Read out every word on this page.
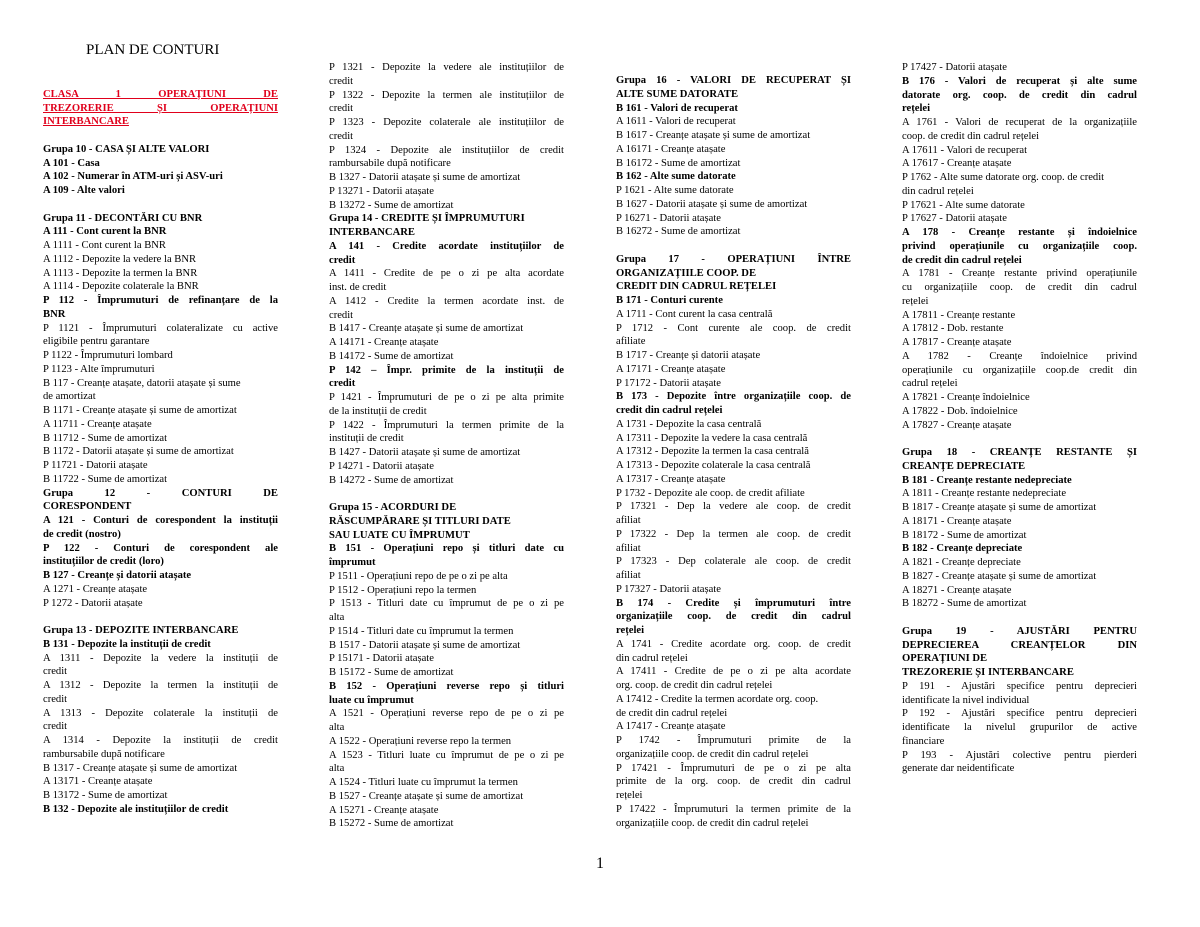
PLAN DE CONTURI
CLASA 1 OPERAȚIUNI DE
TREZORERIE ȘI OPERAȚIUNI
INTERBANCARE
Grupa 10 - CASA ȘI ALTE VALORI
A 101 - Casa
A 102 - Numerar în ATM-uri și ASV-uri
A 109 - Alte valori
Grupa 11 - DECONTĂRI CU BNR
A 111 - Cont curent la BNR
A 1111 - Cont curent la BNR
A 1112 - Depozite la vedere la BNR
A 1113 - Depozite la termen la BNR
A 1114 - Depozite colaterale la BNR
P 112 - Împrumuturi de refinanțare de la
BNR
P 1121 - Împrumuturi colateralizate cu active
eligibile pentru garantare
P 1122 - Împrumuturi lombard
P 1123 - Alte împrumuturi
B 117 - Creanțe atașate, datorii atașate și sume
de amortizat
B 1171 - Creanțe atașate și sume de amortizat
A 11711 - Creanțe atașate
B 11712 - Sume de amortizat
B 1172 - Datorii atașate și sume de amortizat
P 11721 - Datorii atașate
B 11722 - Sume de amortizat
Grupa 12 - CONTURI DE
CORESPONDENT
A 121 - Conturi de corespondent la instituții
de credit (nostro)
P 122 - Conturi de corespondent ale
instituțiilor de credit (loro)
B 127 - Creanțe și datorii atașate
A 1271 - Creanțe atașate
P 1272 - Datorii atașate
Grupa 13 - DEPOZITE INTERBANCARE
B 131 - Depozite la instituții de credit
A 1311 - Depozite la vedere la instituții de
credit
A 1312 - Depozite la termen la instituții de
credit
A 1313 - Depozite colaterale la instituții de
credit
A 1314 - Depozite la instituții de credit
rambursabile după notificare
B 1317 - Creanțe atașate și sume de amortizat
A 13171 - Creanțe atașate
B 13172 - Sume de amortizat
B 132 - Depozite ale instituțiilor de credit
P 1321 - Depozite la vedere ale instituțiilor de
credit
P 1322 - Depozite la termen ale instituțiilor de
credit
P 1323 - Depozite colaterale ale instituțiilor de
credit
P 1324 - Depozite ale instituțiilor de credit
rambursabile după notificare
B 1327 - Datorii atașate și sume de amortizat
P 13271 - Datorii atașate
B 13272 - Sume de amortizat
Grupa 14 - CREDITE ȘI ÎMPRUMUTURI
INTERBANCARE
A 141 - Credite acordate instituțiilor de
credit
A 1411 - Credite de pe o zi pe alta acordate
inst. de credit
A 1412 - Credite la termen acordate inst. de
credit
B 1417 - Creanțe atașate și sume de amortizat
A 14171 - Creanțe atașate
B 14172 - Sume de amortizat
P 142 – Împr. primite de la instituții de
credit
P 1421 - Împrumuturi de pe o zi pe alta primite
de la instituții de credit
P 1422 - Împrumuturi la termen primite de la
instituții de credit
B 1427 - Datorii atașate și sume de amortizat
P 14271 - Datorii atașate
B 14272 - Sume de amortizat
Grupa 15 - ACORDURI DE
RĂSCUMPĂRARE ȘI TITLURI DATE
SAU LUATE CU ÎMPRUMUT
B 151 - Operațiuni repo și titluri date cu
împrumut
P 1511 - Operațiuni repo de pe o zi pe alta
P 1512 - Operațiuni repo la termen
P 1513 - Titluri date cu împrumut de pe o zi pe
alta
P 1514 - Titluri date cu împrumut la termen
B 1517 - Datorii atașate și sume de amortizat
P 15171 - Datorii atașate
B 15172 - Sume de amortizat
B 152 - Operațiuni reverse repo și titluri
luate cu împrumut
A 1521 - Operațiuni reverse repo de pe o zi pe
alta
A 1522 - Operațiuni reverse repo la termen
A 1523 - Titluri luate cu împrumut de pe o zi pe
alta
A 1524 - Titluri luate cu împrumut la termen
B 1527 - Creanțe atașate și sume de amortizat
A 15271 - Creanțe atașate
B 15272 - Sume de amortizat
Grupa 16 - VALORI DE RECUPERAT ȘI
ALTE SUME DATORATE
B 161 - Valori de recuperat
A 1611 - Valori de recuperat
B 1617 - Creanțe atașate și sume de amortizat
A 16171 - Creanțe atașate
B 16172 - Sume de amortizat
B 162 - Alte sume datorate
P 1621 - Alte sume datorate
B 1627 - Datorii atașate și sume de amortizat
P 16271 - Datorii atașate
B 16272 - Sume de amortizat
Grupa 17 - OPERAȚIUNI ÎNTRE
ORGANIZAȚIILE COOP. DE
CREDIT DIN CADRUL REȚELEI
B 171 - Conturi curente
A 1711 - Cont curent la casa centrală
P 1712 - Cont curente ale coop. de credit
afiliate
B 1717 - Creanțe și datorii atașate
A 17171 - Creanțe atașate
P 17172 - Datorii atașate
B 173 - Depozite între organizațiile coop. de
credit din cadrul rețelei
A 1731 - Depozite la casa centrală
A 17311 - Depozite la vedere la casa centrală
A 17312 - Depozite la termen la casa centrală
A 17313 - Depozite colaterale la casa centrală
A 17317 - Creanțe atașate
P 1732 - Depozite ale coop. de credit afiliate
P 17321 - Dep la vedere ale coop. de credit
afiliat
P 17322 - Dep la termen ale coop. de credit
afiliat
P 17323 - Dep colaterale ale coop. de credit
afiliat
P 17327 - Datorii atașate
B 174 - Credite și împrumuturi între
organizațiile coop. de credit din cadrul
rețelei
A 1741 - Credite acordate org. coop. de credit
din cadrul rețelei
A 17411 - Credite de pe o zi pe alta acordate
org. coop. de credit din cadrul rețelei
A 17412 - Credite la termen acordate org. coop.
de credit din cadrul rețelei
A 17417 - Creanțe atașate
P 1742 - Împrumuturi primite de la
organizațiile coop. de credit din cadrul rețelei
P 17421 - Împrumuturi de pe o zi pe alta
primite de la org. coop. de credit din cadrul
rețelei
P 17422 - Împrumuturi la termen primite de la
organizațiile coop. de credit din cadrul rețelei
P 17427 - Datorii atașate
B 176 - Valori de recuperat și alte sume
datorate org. coop. de credit din cadrul
rețelei
A 1761 - Valori de recuperat de la organizațiile
coop. de credit din cadrul rețelei
A 17611 - Valori de recuperat
A 17617 - Creanțe atașate
P 1762 - Alte sume datorate org. coop. de credit
din cadrul rețelei
P 17621 - Alte sume datorate
P 17627 - Datorii atașate
A 178 - Creanțe restante și îndoielnice
privind operațiunile cu organizațiile coop.
de credit din cadrul rețelei
A 1781 - Creanțe restante privind operațiunile
cu organizațiile coop. de credit din cadrul
rețelei
A 17811 - Creanțe restante
A 17812 - Dob. restante
A 17817 - Creanțe atașate
A 1782 - Creanțe îndoielnice privind
operațiunile cu organizațiile coop.de credit din
cadrul rețelei
A 17821 - Creanțe îndoielnice
A 17822 - Dob. îndoielnice
A 17827 - Creanțe atașate
Grupa 18 - CREANȚE RESTANTE ȘI
CREANȚE DEPRECIATE
B 181 - Creanțe restante nedepreciate
A 1811 - Creanțe restante nedepreciate
B 1817 - Creanțe atașate și sume de amortizat
A 18171 - Creanțe atașate
B 18172 - Sume de amortizat
B 182 - Creanțe depreciate
A 1821 - Creanțe depreciate
B 1827 - Creanțe atașate și sume de amortizat
A 18271 - Creanțe atașate
B 18272 - Sume de amortizat
Grupa 19 - AJUSTĂRI PENTRU
DEPRECIEREA CREANȚELOR DIN
OPERAȚIUNI DE
TREZORERIE ȘI INTERBANCARE
P 191 - Ajustări specifice pentru deprecieri
identificate la nivel individual
P 192 - Ajustări specifice pentru deprecieri
identificate la nivelul grupurilor de active
financiare
P 193 - Ajustări colective pentru pierderi
generate dar neidentificate
1
